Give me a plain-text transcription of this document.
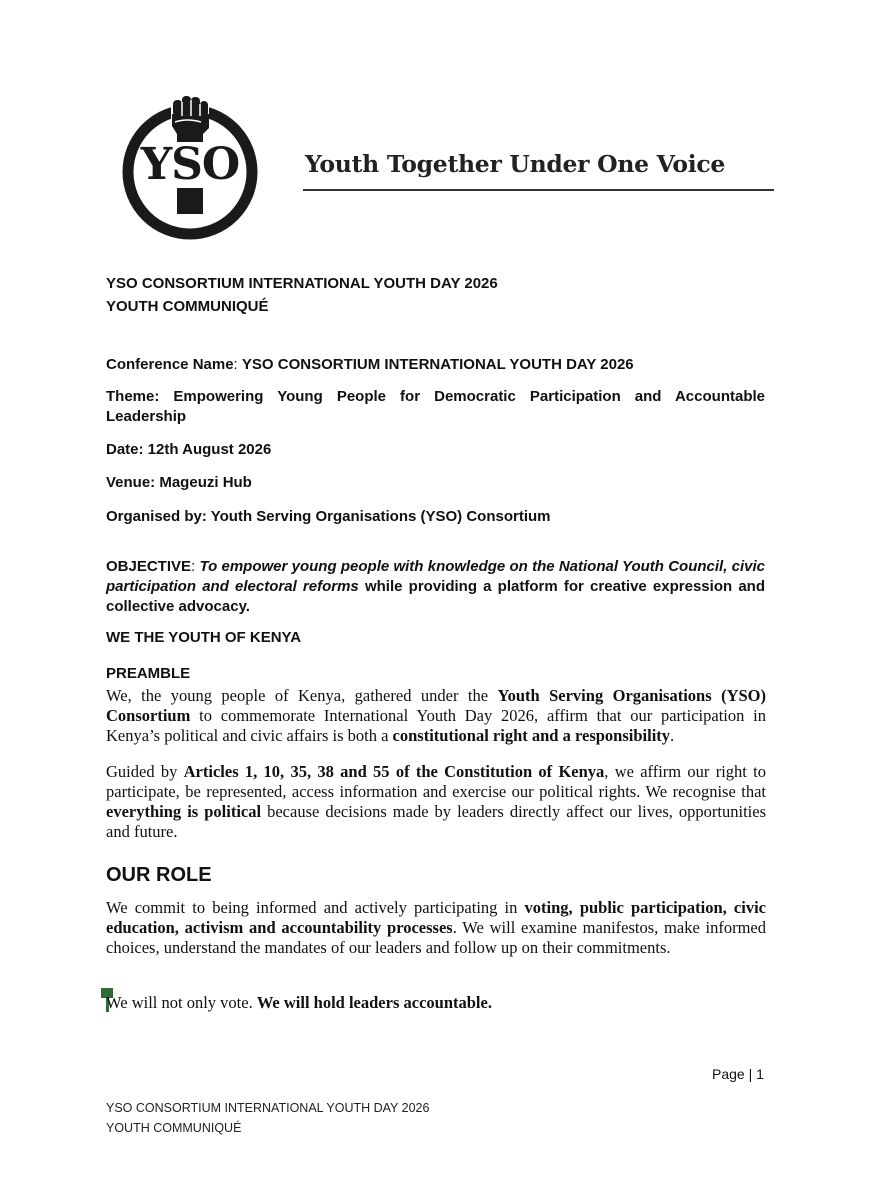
YSO	Youth Together Under One Voice
YSO CONSORTIUM INTERNATIONAL YOUTH DAY 2026
YOUTH COMMUNIQUÉ
Conference Name: YSO CONSORTIUM INTERNATIONAL YOUTH DAY 2026
Theme: Empowering Young People for Democratic Participation and Accountable Leadership
Date: 12th August 2026
Venue: Mageuzi Hub
Organised by: Youth Serving Organisations (YSO) Consortium
OBJECTIVE: To empower young people with knowledge on the National Youth Council, civic participation and electoral reforms while providing a platform for creative expression and collective advocacy.
WE THE YOUTH OF KENYA
PREAMBLE
We, the young people of Kenya, gathered under the Youth Serving Organisations (YSO) Consortium to commemorate International Youth Day 2026, affirm that our participation in Kenya’s political and civic affairs is both a constitutional right and a responsibility.
Guided by Articles 1, 10, 35, 38 and 55 of the Constitution of Kenya, we affirm our right to participate, be represented, access information and exercise our political rights. We recognise that everything is political because decisions made by leaders directly affect our lives, opportunities and future.
OUR ROLE
We commit to being informed and actively participating in voting, public participation, civic education, activism and accountability processes. We will examine manifestos, make informed choices, understand the mandates of our leaders and follow up on their commitments.
We will not only vote. We will hold leaders accountable.
Page | 1
YSO CONSORTIUM INTERNATIONAL YOUTH DAY 2026
YOUTH COMMUNIQUÉ
